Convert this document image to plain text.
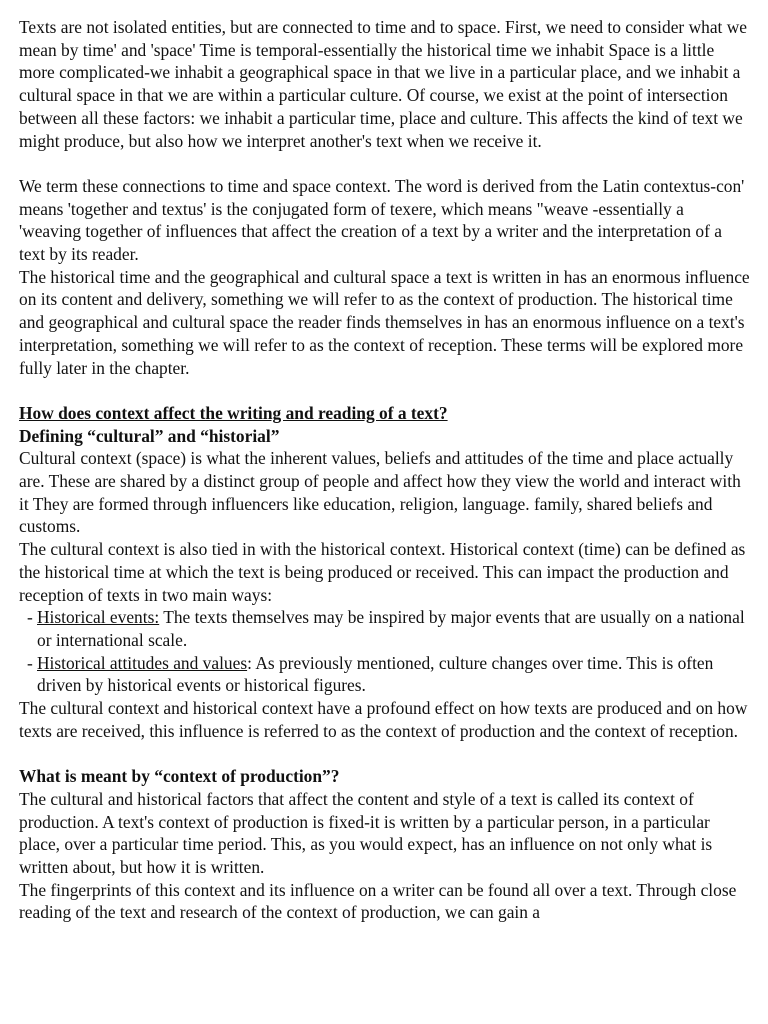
Texts are not isolated entities, but are connected to time and to space. First, we need to consider what we mean by time' and 'space' Time is temporal-essentially the historical time we inhabit Space is a little more complicated-we inhabit a geographical space in that we live in a particular place, and we inhabit a cultural space in that we are within a particular culture. Of course, we exist at the point of intersection between all these factors: we inhabit a particular time, place and culture. This affects the kind of text we might produce, but also how we interpret another's text when we receive it.

We term these connections to time and space context. The word is derived from the Latin contextus-con' means 'together and textus' is the conjugated form of texere, which means "weave -essentially a 'weaving together of influences that affect the creation of a text by a writer and the interpretation of a text by its reader.

The historical time and the geographical and cultural space a text is written in has an enormous influence on its content and delivery, something we will refer to as the context of production. The historical time and geographical and cultural space the reader finds themselves in has an enormous influence on a text's interpretation, something we will refer to as the context of reception. These terms will be explored more fully later in the chapter.

How does context affect the writing and reading of a text?

Defining “cultural” and “historial”

Cultural context (space) is what the inherent values, beliefs and attitudes of the time and place actually are. These are shared by a distinct group of people and affect how they view the world and interact with it They are formed through influencers like education, religion, language. family, shared beliefs and customs.

The cultural context is also tied in with the historical context. Historical context (time) can be defined as the historical time at which the text is being produced or received. This can impact the production and reception of texts in two main ways:

- Historical events: The texts themselves may be inspired by major events that are usually on a national or international scale.
- Historical attitudes and values: As previously mentioned, culture changes over time. This is often driven by historical events or historical figures.

The cultural context and historical context have a profound effect on how texts are produced and on how texts are received, this influence is referred to as the context of production and the context of reception.

What is meant by “context of production”?

The cultural and historical factors that affect the content and style of a text is called its context of production. A text's context of production is fixed-it is written by a particular person, in a particular place, over a particular time period. This, as you would expect, has an influence on not only what is written about, but how it is written.

The fingerprints of this context and its influence on a writer can be found all over a text. Through close reading of the text and research of the context of production, we can gain a
